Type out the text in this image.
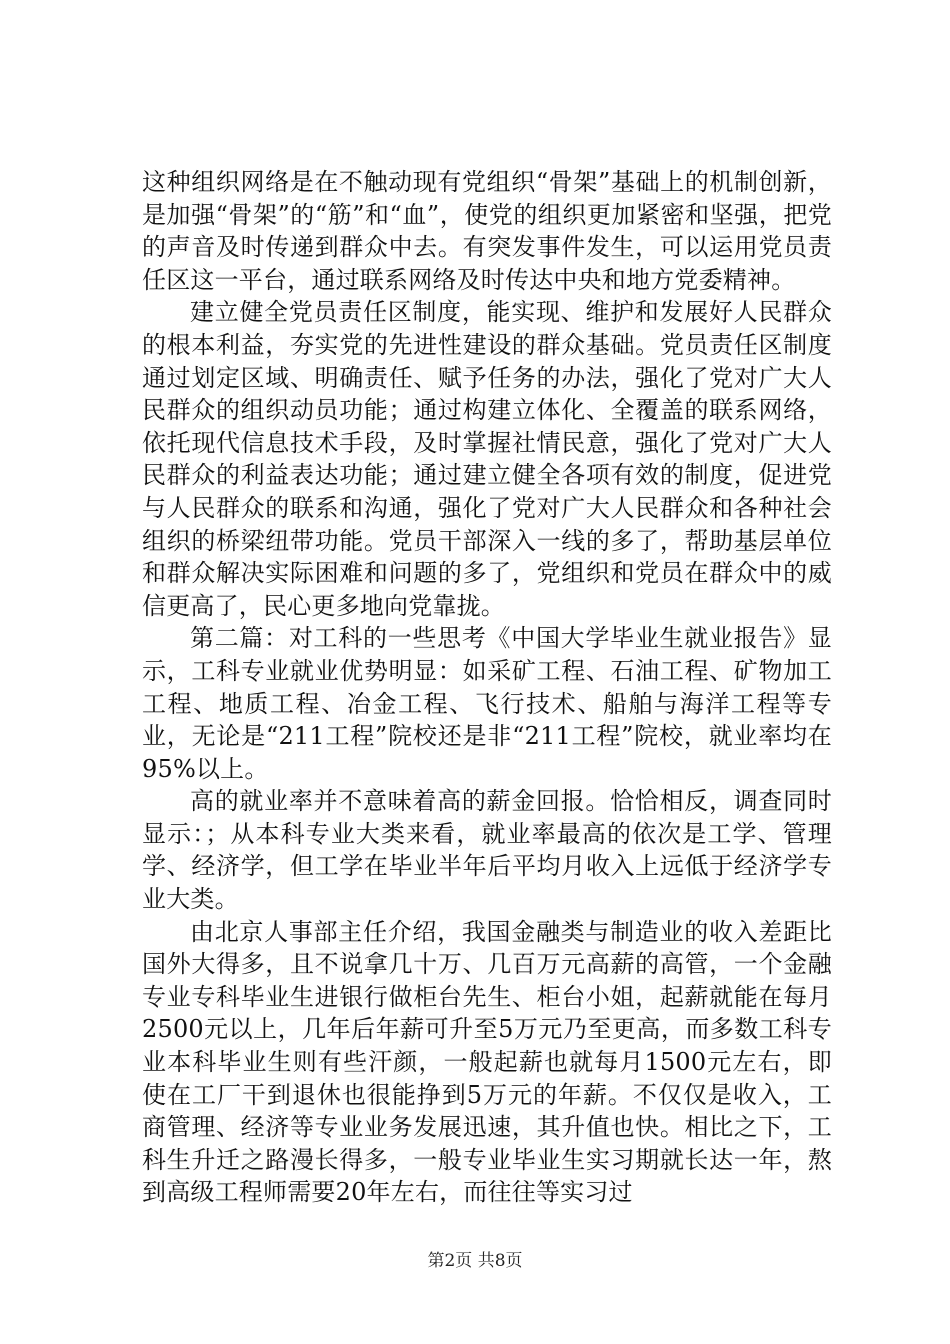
这种组织网络是在不触动现有党组织“骨架”基础上的机制创新，是加强“骨架”的“筋”和“血”，使党的组织更加紧密和坚强，把党的声音及时传递到群众中去。有突发事件发生，可以运用党员责任区这一平台，通过联系网络及时传达中央和地方党委精神。

建立健全党员责任区制度，能实现、维护和发展好人民群众的根本利益，夯实党的先进性建设的群众基础。党员责任区制度通过划定区域、明确责任、赋予任务的办法，强化了党对广大人民群众的组织动员功能；通过构建立体化、全覆盖的联系网络，依托现代信息技术手段，及时掌握社情民意，强化了党对广大人民群众的利益表达功能；通过建立健全各项有效的制度，促进党与人民群众的联系和沟通，强化了党对广大人民群众和各种社会组织的桥梁纽带功能。党员干部深入一线的多了，帮助基层单位和群众解决实际困难和问题的多了，党组织和党员在群众中的威信更高了，民心更多地向党靠拢。

第二篇：对工科的一些思考《中国大学毕业生就业报告》显示，工科专业就业优势明显：如采矿工程、石油工程、矿物加工工程、地质工程、冶金工程、飞行技术、船舶与海洋工程等专业，无论是“211工程”院校还是非“211工程”院校，就业率均在95%以上。

高的就业率并不意味着高的薪金回报。恰恰相反，调查同时显示：；从本科专业大类来看，就业率最高的依次是工学、管理学、经济学，但工学在毕业半年后平均月收入上远低于经济学专业大类。

由北京人事部主任介绍，我国金融类与制造业的收入差距比国外大得多，且不说拿几十万、几百万元高薪的高管，一个金融专业专科毕业生进银行做柜台先生、柜台小姐，起薪就能在每月2500元以上，几年后年薪可升至5万元乃至更高，而多数工科专业本科毕业生则有些汗颜，一般起薪也就每月1500元左右，即使在工厂干到退休也很能挣到5万元的年薪。不仅仅是收入，工商管理、经济等专业业务发展迅速，其升值也快。相比之下，工科生升迁之路漫长得多，一般专业毕业生实习期就长达一年，熬到高级工程师需要20年左右，而往往等实习过

第2页 共8页
